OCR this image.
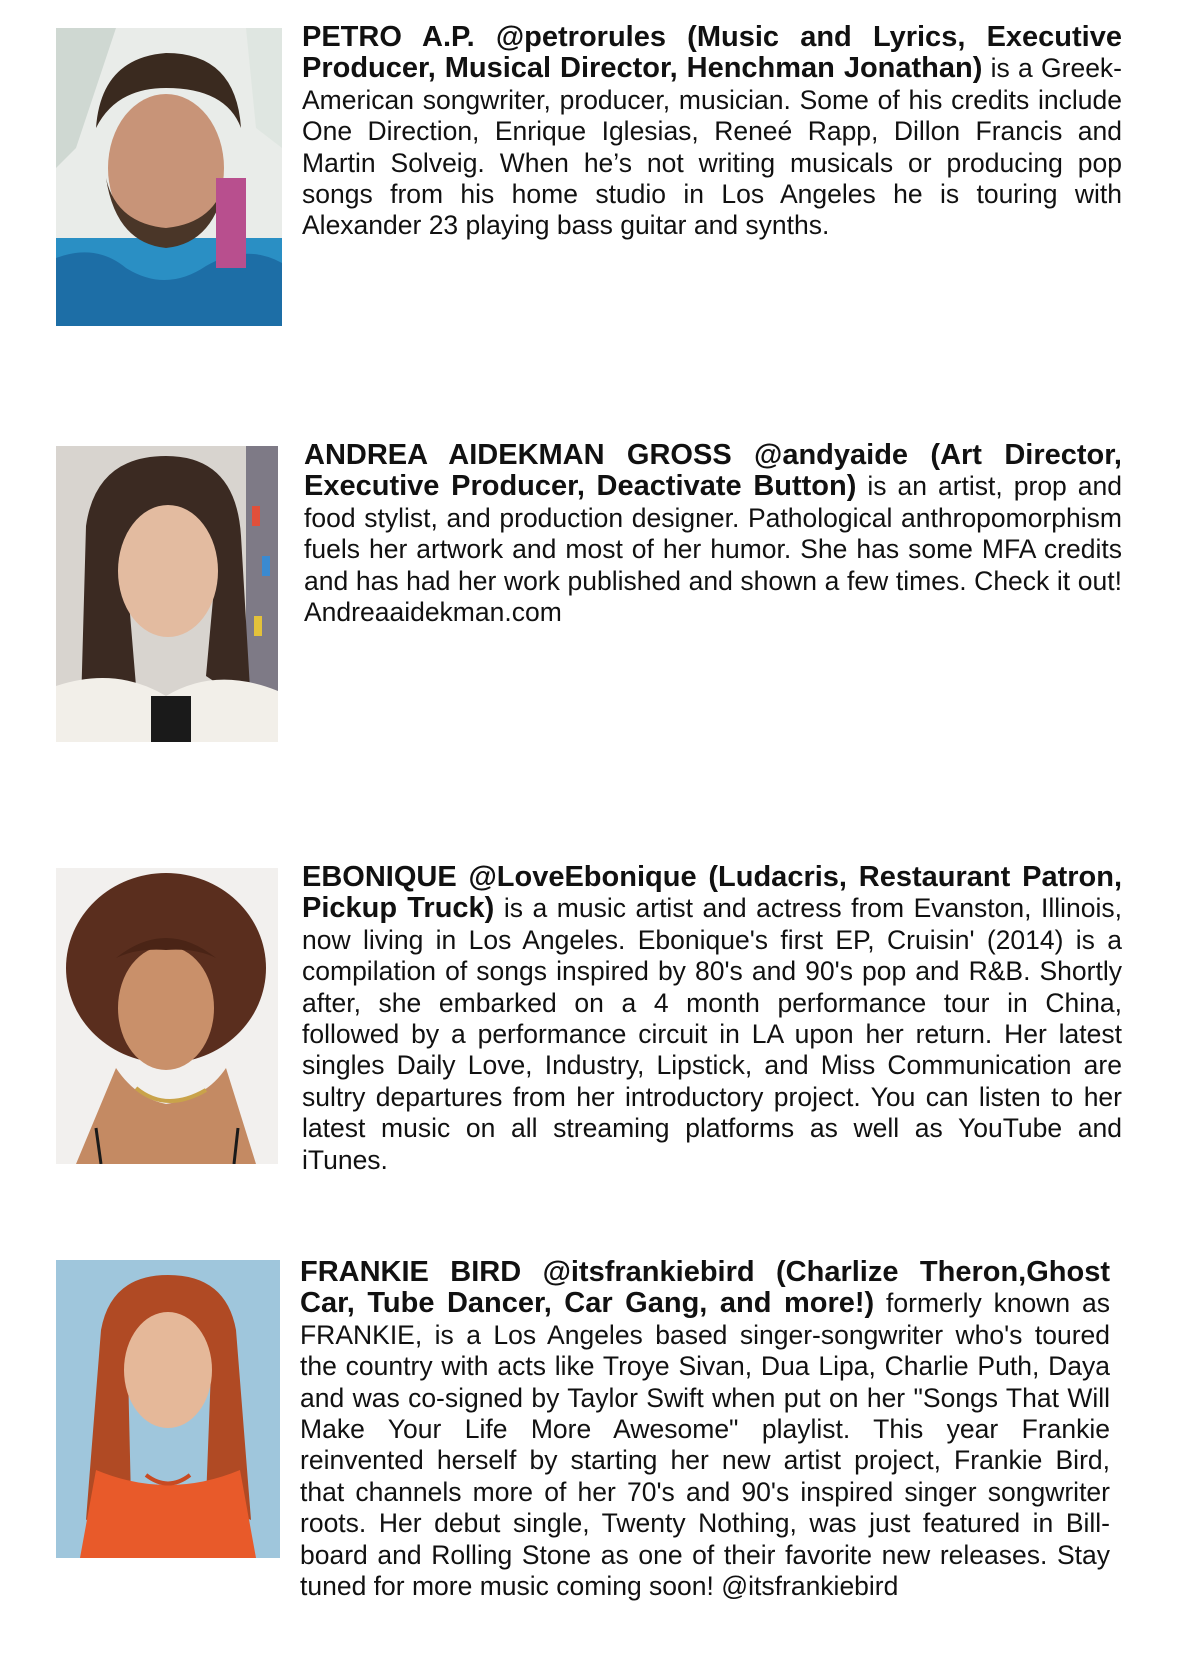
PETRO A.P. @petrorules (Music and Lyrics, Executive Producer, Musical Director, Henchman Jonathan) is a Greek-American songwriter, producer, musician. Some of his credits include One Direction, Enrique Iglesias, Reneé Rapp, Dillon Francis and Martin Solveig. When he’s not writing musicals or producing pop songs from his home studio in Los Angeles he is touring with Alexander 23 playing bass guitar and synths.

ANDREA AIDEKMAN GROSS @andyaide (Art Director, Executive Producer, Deactivate Button) is an artist, prop and food stylist, and production designer. Pathological anthropomorphism fuels her artwork and most of her humor. She has some MFA credits and has had her work published and shown a few times. Check it out! Andreaaidekman.com

EBONIQUE @LoveEbonique (Ludacris, Restaurant Patron, Pickup Truck) is a music artist and actress from Evanston, Illinois, now living in Los Angeles. Ebonique's first EP, Cruisin' (2014) is a compilation of songs inspired by 80's and 90's pop and R&B. Shortly after, she embarked on a 4 month performance tour in China, followed by a performance circuit in LA upon her return. Her latest singles Daily Love, Industry, Lipstick, and Miss Communication are sultry departures from her introductory project. You can listen to her latest music on all streaming platforms as well as YouTube and iTunes.

FRANKIE BIRD @itsfrankiebird (Charlize Theron,Ghost Car, Tube Dancer, Car Gang, and more!) formerly known as FRANKIE, is a Los Angeles based singer-songwriter who's toured the country with acts like Troye Sivan, Dua Lipa, Charlie Puth, Daya and was co-signed by Taylor Swift when put on her "Songs That Will Make Your Life More Awesome" playlist. This year Frankie reinvented herself by starting her new artist project, Frankie Bird, that channels more of her 70's and 90's inspired singer songwriter roots. Her debut single, Twenty Nothing, was just featured in Billboard and Rolling Stone as one of their favorite new releases. Stay tuned for more music coming soon! @itsfrankiebird
